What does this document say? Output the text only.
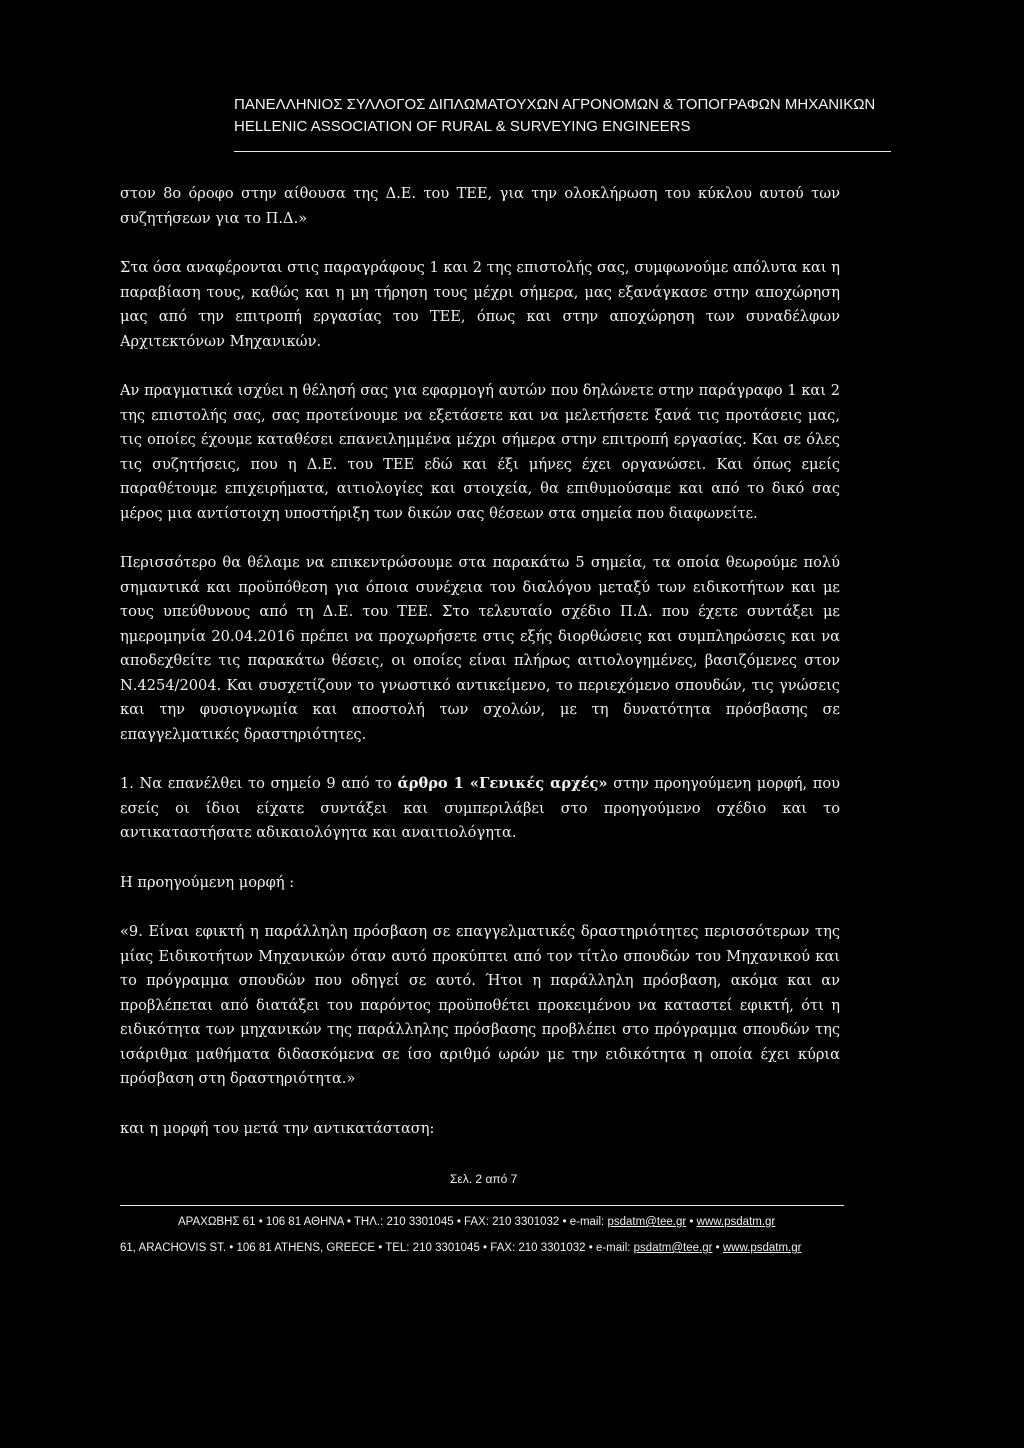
ΠΑΝΕΛΛΗΝΙΟΣ ΣΥΛΛΟΓΟΣ ΔΙΠΛΩΜΑΤΟΥΧΩΝ ΑΓΡΟΝΟΜΩΝ & ΤΟΠΟΓΡΑΦΩΝ ΜΗΧΑΝΙΚΩΝ
HELLENIC ASSOCIATION OF RURAL & SURVEYING ENGINEERS

στον 8ο όροφο στην αίθουσα της Δ.Ε. του ΤΕΕ, για την ολοκλήρωση του κύκλου αυτού των συζητήσεων για το Π.Δ.»

Στα όσα αναφέρονται στις παραγράφους 1 και 2 της επιστολής σας, συμφωνούμε απόλυτα και η παραβίαση τους, καθώς και η μη τήρηση τους μέχρι σήμερα, μας εξανάγκασε στην αποχώρηση μας από την επιτροπή εργασίας του ΤΕΕ, όπως και στην αποχώρηση των συναδέλφων Αρχιτεκτόνων Μηχανικών.

Αν πραγματικά ισχύει η θέλησή σας για εφαρμογή αυτών που δηλώνετε στην παράγραφο 1 και 2 της επιστολής σας, σας προτείνουμε να εξετάσετε και να μελετήσετε ξανά τις προτάσεις μας, τις οποίες έχουμε καταθέσει επανειλημμένα μέχρι σήμερα στην επιτροπή εργασίας. Και σε όλες τις συζητήσεις, που η Δ.Ε. του ΤΕΕ εδώ και έξι μήνες έχει οργανώσει. Και όπως εμείς παραθέτουμε επιχειρήματα, αιτιολογίες και στοιχεία, θα επιθυμούσαμε και από το δικό σας μέρος μια αντίστοιχη υποστήριξη των δικών σας θέσεων στα σημεία που διαφωνείτε.

Περισσότερο θα θέλαμε να επικεντρώσουμε στα παρακάτω 5 σημεία, τα οποία θεωρούμε πολύ σημαντικά και προϋπόθεση για όποια συνέχεια του διαλόγου μεταξύ των ειδικοτήτων και με τους υπεύθυνους από τη Δ.Ε. του ΤΕΕ. Στο τελευταίο σχέδιο Π.Δ. που έχετε συντάξει με ημερομηνία 20.04.2016 πρέπει να προχωρήσετε στις εξής διορθώσεις και συμπληρώσεις και να αποδεχθείτε τις παρακάτω θέσεις, οι οποίες είναι πλήρως αιτιολογημένες, βασιζόμενες στον Ν.4254/2004. Και συσχετίζουν το γνωστικό αντικείμενο, το περιεχόμενο σπουδών, τις γνώσεις και την φυσιογνωμία και αποστολή των σχολών, με τη δυνατότητα πρόσβασης σε επαγγελματικές δραστηριότητες.

1. Να επανέλθει το σημείο 9 από το άρθρο 1 «Γενικές αρχές» στην προηγούμενη μορφή, που εσείς οι ίδιοι είχατε συντάξει και συμπεριλάβει στο προηγούμενο σχέδιο και το αντικαταστήσατε αδικαιολόγητα και αναιτιολόγητα.

Η προηγούμενη μορφή :

«9. Είναι εφικτή η παράλληλη πρόσβαση σε επαγγελματικές δραστηριότητες περισσότερων της μίας Ειδικοτήτων Μηχανικών όταν αυτό προκύπτει από τον τίτλο σπουδών του Μηχανικού και το πρόγραμμα σπουδών που οδηγεί σε αυτό. Ήτοι η παράλληλη πρόσβαση, ακόμα και αν προβλέπεται από διατάξει του παρόντος προϋποθέτει προκειμένου να καταστεί εφικτή, ότι η ειδικότητα των μηχανικών της παράλληλης πρόσβασης προβλέπει στο πρόγραμμα σπουδών της ισάριθμα μαθήματα διδασκόμενα σε ίσο αριθμό ωρών με την ειδικότητα η οποία έχει κύρια πρόσβαση στη δραστηριότητα.»

και η μορφή του μετά την αντικατάσταση:

Σελ. 2 από 7
ΑΡΑΧΩΒΗΣ 61 • 106 81 ΑΘΗΝΑ • ΤΗΛ.: 210 3301045 • FAX: 210 3301032 • e-mail: psdatm@tee.gr • www.psdatm.gr
61, ARACHOVIS ST. • 106 81 ATHENS, GREECE • TEL: 210 3301045 • FAX: 210 3301032 • e-mail: psdatm@tee.gr • www.psdatm.gr
